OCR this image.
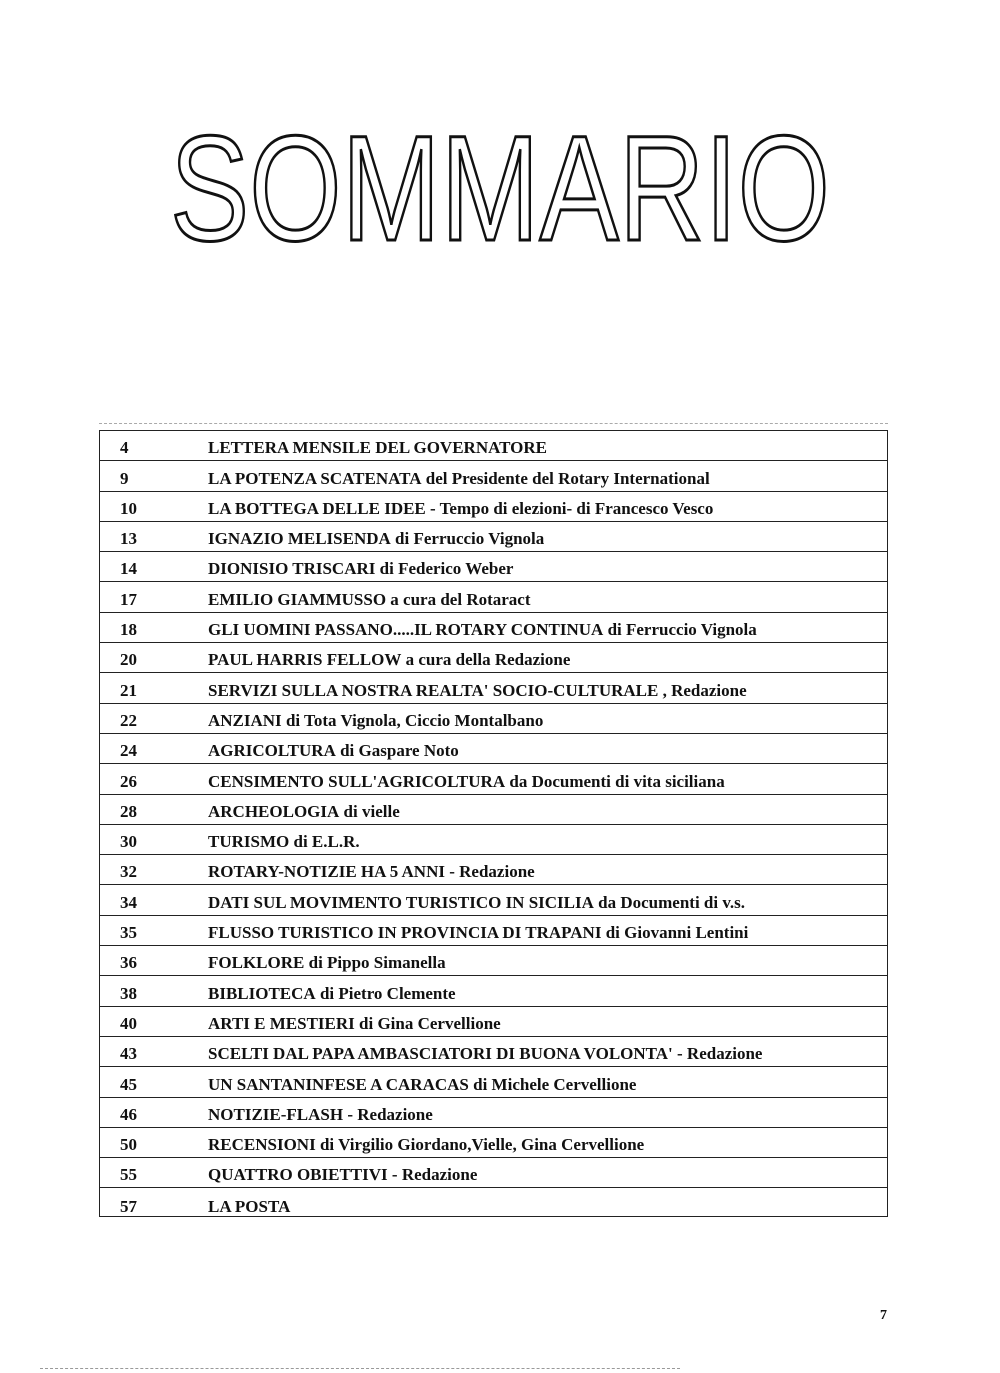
SOMMARIO
4	LETTERA MENSILE DEL GOVERNATORE
9	LA POTENZA SCATENATA del Presidente del Rotary International
10	LA BOTTEGA DELLE IDEE - Tempo di elezioni- di Francesco Vesco
13	IGNAZIO MELISENDA di Ferruccio Vignola
14	DIONISIO TRISCARI di Federico Weber
17	EMILIO GIAMMUSSO a cura del Rotaract
18	GLI UOMINI PASSANO.....IL ROTARY CONTINUA di Ferruccio Vignola
20	PAUL HARRIS FELLOW a cura della Redazione
21	SERVIZI SULLA NOSTRA REALTA' SOCIO-CULTURALE , Redazione
22	ANZIANI di Tota Vignola, Ciccio Montalbano
24	AGRICOLTURA di Gaspare Noto
26	CENSIMENTO SULL'AGRICOLTURA da Documenti di vita siciliana
28	ARCHEOLOGIA di vielle
30	TURISMO di E.L.R.
32	ROTARY-NOTIZIE HA 5 ANNI - Redazione
34	DATI SUL MOVIMENTO TURISTICO IN SICILIA da Documenti di v.s.
35	FLUSSO TURISTICO IN PROVINCIA DI TRAPANI di Giovanni Lentini
36	FOLKLORE di Pippo Simanella
38	BIBLIOTECA di Pietro Clemente
40	ARTI E MESTIERI di Gina Cervellione
43	SCELTI DAL PAPA AMBASCIATORI DI BUONA VOLONTA' - Redazione
45	UN SANTANINFESE A CARACAS di Michele Cervellione
46	NOTIZIE-FLASH - Redazione
50	RECENSIONI di Virgilio Giordano,Vielle, Gina Cervellione
55	QUATTRO OBIETTIVI - Redazione
57	LA POSTA
7
